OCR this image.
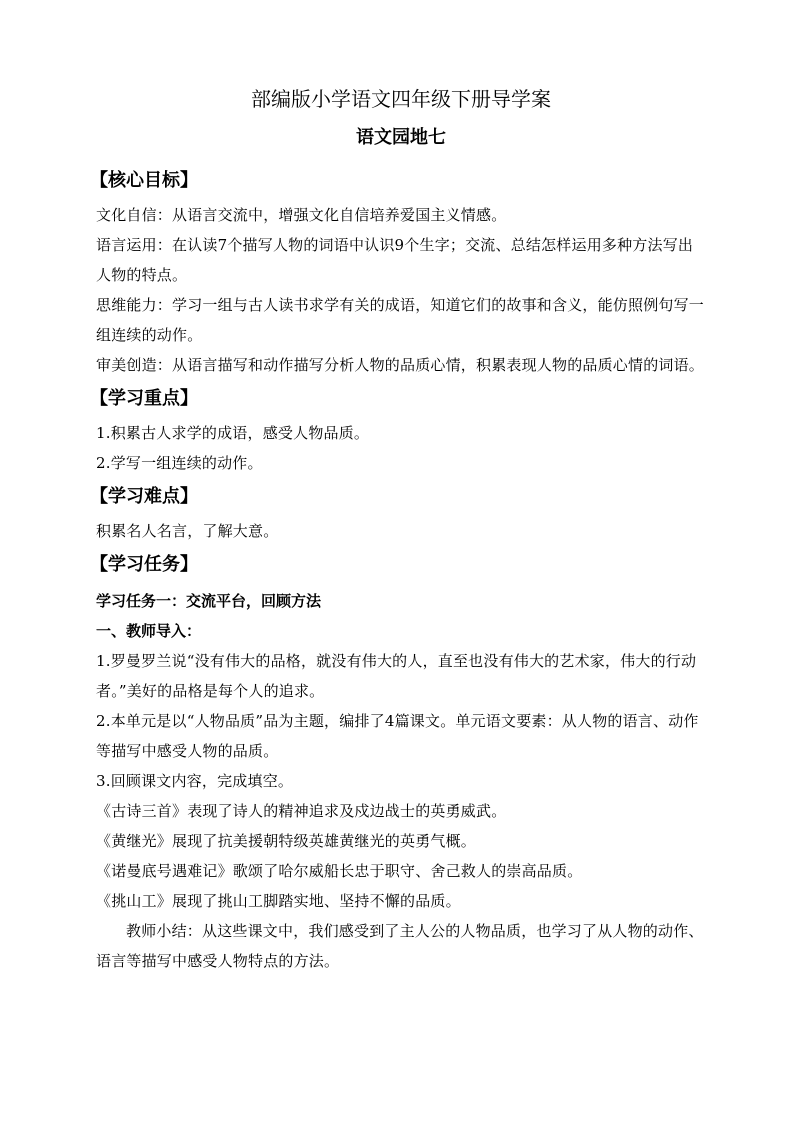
部编版小学语文四年级下册导学案
语文园地七
【核心目标】

文化自信：从语言交流中，增强文化自信培养爱国主义情感。

语言运用：在认读7个描写人物的词语中认识9个生字；交流、总结怎样运用多种方法写出人物的特点。

思维能力：学习一组与古人读书求学有关的成语，知道它们的故事和含义，能仿照例句写一组连续的动作。

审美创造：从语言描写和动作描写分析人物的品质心情，积累表现人物的品质心情的词语。

【学习重点】

1.积累古人求学的成语，感受人物品质。

2.学写一组连续的动作。

【学习难点】

积累名人名言，了解大意。

【学习任务】
学习任务一：交流平台，回顾方法
一、教师导入：

1.罗曼罗兰说“没有伟大的品格，就没有伟大的人，直至也没有伟大的艺术家，伟大的行动者。”美好的品格是每个人的追求。

2.本单元是以“人物品质”品为主题，编排了4篇课文。单元语文要素：从人物的语言、动作等描写中感受人物的品质。

3.回顾课文内容，完成填空。

《古诗三首》表现了诗人的精神追求及戍边战士的英勇威武。

《黄继光》展现了抗美援朝特级英雄黄继光的英勇气概。

《诺曼底号遇难记》歌颂了哈尔威船长忠于职守、舍己救人的崇高品质。

《挑山工》展现了挑山工脚踏实地、坚持不懈的品质。

教师小结：从这些课文中，我们感受到了主人公的人物品质，也学习了从人物的动作、语言等描写中感受人物特点的方法。
